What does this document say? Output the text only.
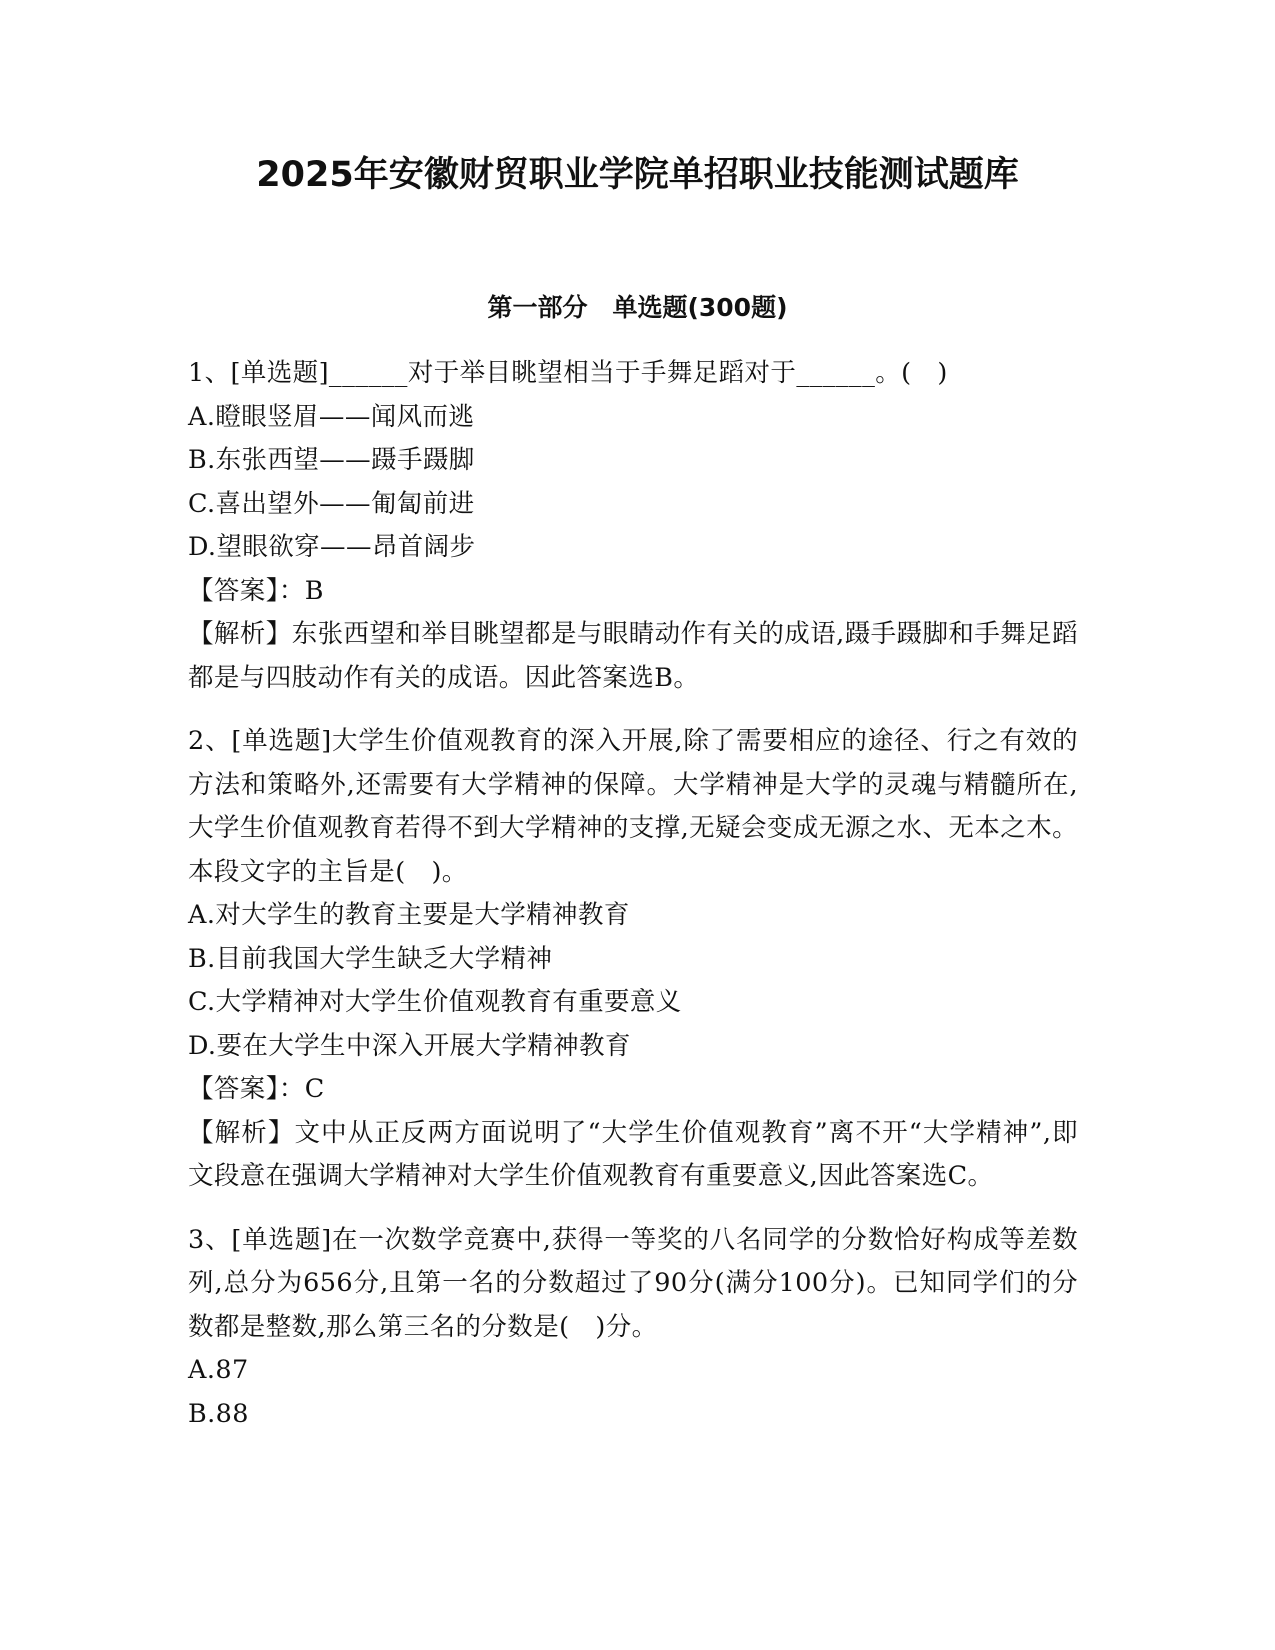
2025年安徽财贸职业学院单招职业技能测试题库
第一部分　单选题(300题)

1、[单选题]______对于举目眺望相当于手舞足蹈对于______。(　)

A.瞪眼竖眉——闻风而逃

B.东张西望——蹑手蹑脚

C.喜出望外——匍匐前进

D.望眼欲穿——昂首阔步

【答案】：B

【解析】东张西望和举目眺望都是与眼睛动作有关的成语,蹑手蹑脚和手舞足蹈都是与四肢动作有关的成语。因此答案选B。

2、[单选题]大学生价值观教育的深入开展,除了需要相应的途径、行之有效的方法和策略外,还需要有大学精神的保障。大学精神是大学的灵魂与精髓所在,大学生价值观教育若得不到大学精神的支撑,无疑会变成无源之水、无本之木。本段文字的主旨是(　)。

A.对大学生的教育主要是大学精神教育

B.目前我国大学生缺乏大学精神

C.大学精神对大学生价值观教育有重要意义

D.要在大学生中深入开展大学精神教育

【答案】：C

【解析】文中从正反两方面说明了“大学生价值观教育”离不开“大学精神”,即文段意在强调大学精神对大学生价值观教育有重要意义,因此答案选C。

3、[单选题]在一次数学竞赛中,获得一等奖的八名同学的分数恰好构成等差数列,总分为656分,且第一名的分数超过了90分(满分100分)。已知同学们的分数都是整数,那么第三名的分数是(　)分。

A.87

B.88
